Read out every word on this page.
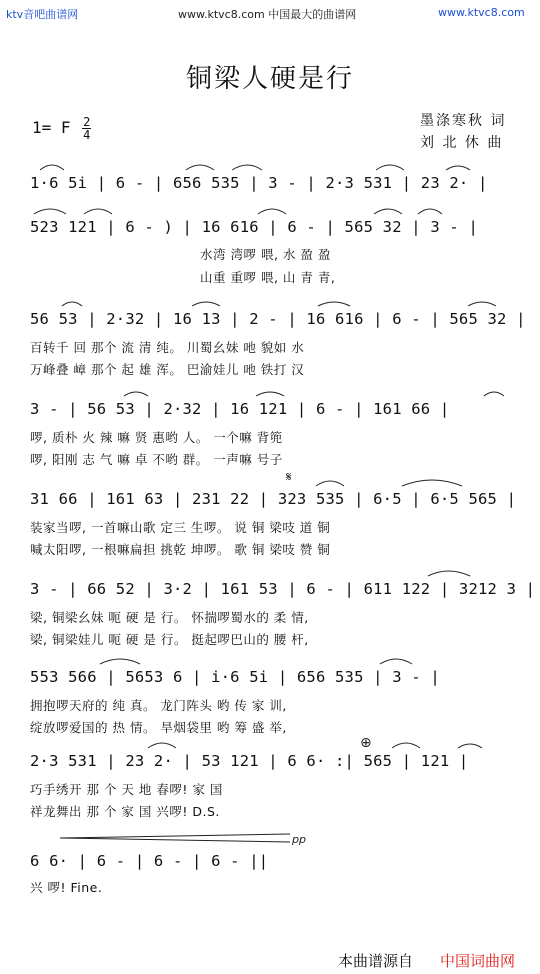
ktv音吧曲谱网	www.ktvc8.com 中国最大的曲谱网	www.ktvc8.com
铜梁人硬是行
1= F $\frac{2}{4}$	墨涤寒秋 词
刘 北 休 曲
1·6 5i | 6 - | 656 535 | 3 - | 2·3 531 | 23 2· |
523 121 | 6 - ) | 16 616 | 6 - | 565 32 | 3 - |
水湾 湾啰 喂, 水 盈 盈
山重 重啰 喂, 山 青 青,
56 53 | 2·32 | 16 13 | 2 - | 16 616 | 6 - | 565 32 |
百转千 回 那个 流 清 纯。 川蜀幺妹 吔 貌如 水
万峰叠 嶂 那个 起 雄 浑。 巴渝娃儿 吔 铁打 汉
3 - | 56 53 | 2·32 | 16 121 | 6 - | 161 66 |
啰, 质朴 火 辣 嘛 贤 惠哟 人。 一个嘛 背篼
啰, 阳刚 志 气 嘛 卓 不哟 群。 一声嘛 号子
𝄋
31 66 | 161 63 | 231 22 | 323 535 | 6·5 | 6·5 565 |
装家当啰, 一首嘛山歌 定三 生啰。 说 铜 梁吱 道 铜
喊太阳啰, 一根嘛扁担 挑乾 坤啰。 歌 铜 梁吱 赞 铜
3 - | 66 52 | 3·2 | 161 53 | 6 - | 611 122 | 3212 3 |
梁, 铜梁幺妹 呃 硬 是 行。 怀揣啰蜀水的 柔 情,
梁, 铜梁娃儿 呃 硬 是 行。 挺起啰巴山的 腰 杆,
553 566 | 5653 6 | i·6 5i | 656 535 | 3 - |
拥抱啰天府的 纯 真。 龙门阵头 哟 传 家 训,
绽放啰爱国的 热 情。 旱烟袋里 哟 筹 盛 举,
⊕
2·3 531 | 23 2· | 53 121 | 6 6· :| 565 | 121 |
巧手绣开 那 个 天 地 春啰! 家 国
祥龙舞出 那 个 家 国 兴啰! D.S.
pp
6 6· | 6 - | 6 - | 6 - ||
兴 啰! Fine.
本曲谱源自 中国词曲网
